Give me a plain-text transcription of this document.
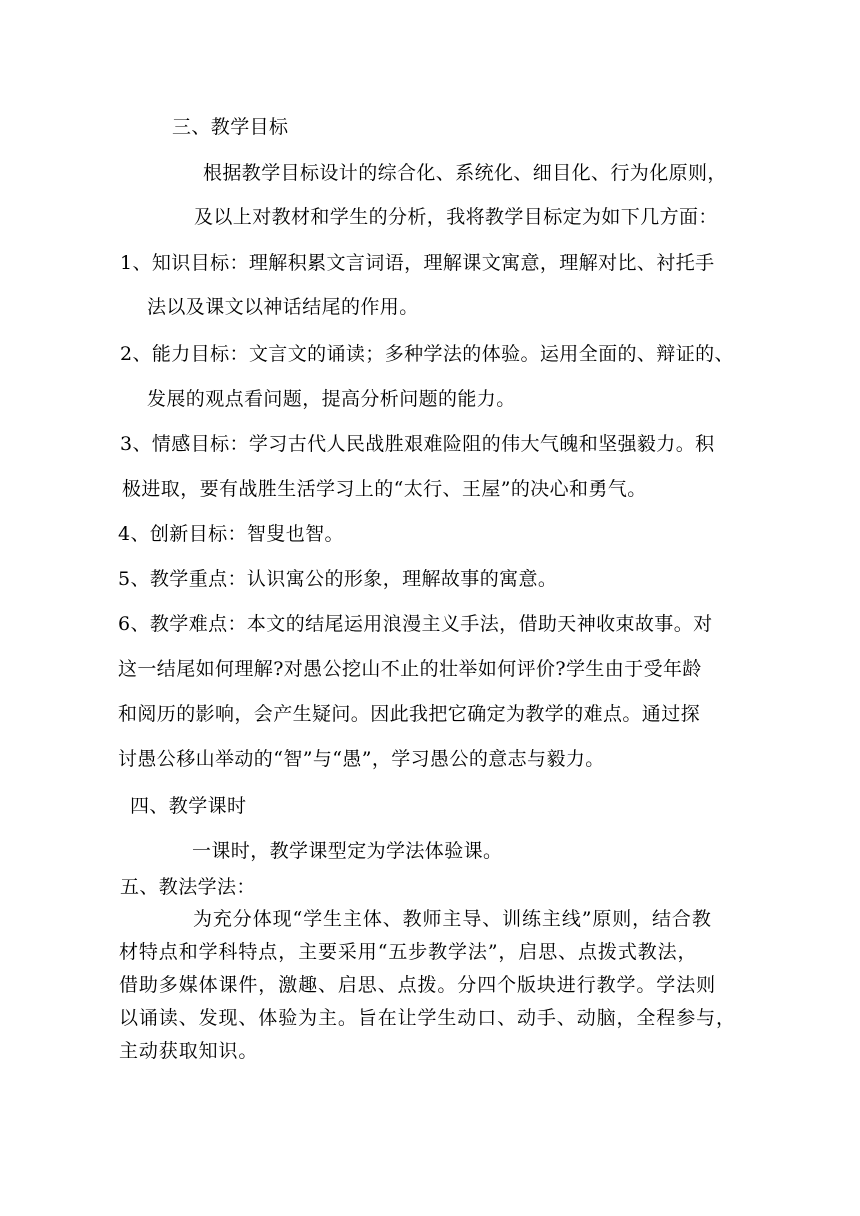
三、教学目标
根据教学目标设计的综合化、系统化、细目化、行为化原则，
及以上对教材和学生的分析，我将教学目标定为如下几方面：
1、知识目标：理解积累文言词语，理解课文寓意，理解对比、衬托手
法以及课文以神话结尾的作用。
2、能力目标：文言文的诵读；多种学法的体验。运用全面的、辩证的、
发展的观点看问题，提高分析问题的能力。
3、情感目标：学习古代人民战胜艰难险阻的伟大气魄和坚强毅力。积
极进取，要有战胜生活学习上的“太行、王屋”的决心和勇气。
4、创新目标：智叟也智。
5、教学重点：认识寓公的形象，理解故事的寓意。
6、教学难点：本文的结尾运用浪漫主义手法，借助天神收束故事。对
这一结尾如何理解?对愚公挖山不止的壮举如何评价?学生由于受年龄
和阅历的影响，会产生疑问。因此我把它确定为教学的难点。通过探
讨愚公移山举动的“智”与“愚”，学习愚公的意志与毅力。
四、教学课时
一课时，教学课型定为学法体验课。
五、教法学法：
为充分体现“学生主体、教师主导、训练主线”原则，结合教
材特点和学科特点，主要采用“五步教学法”，启思、点拨式教法，
借助多媒体课件，激趣、启思、点拨。分四个版块进行教学。学法则
以诵读、发现、体验为主。旨在让学生动口、动手、动脑，全程参与，
主动获取知识。
